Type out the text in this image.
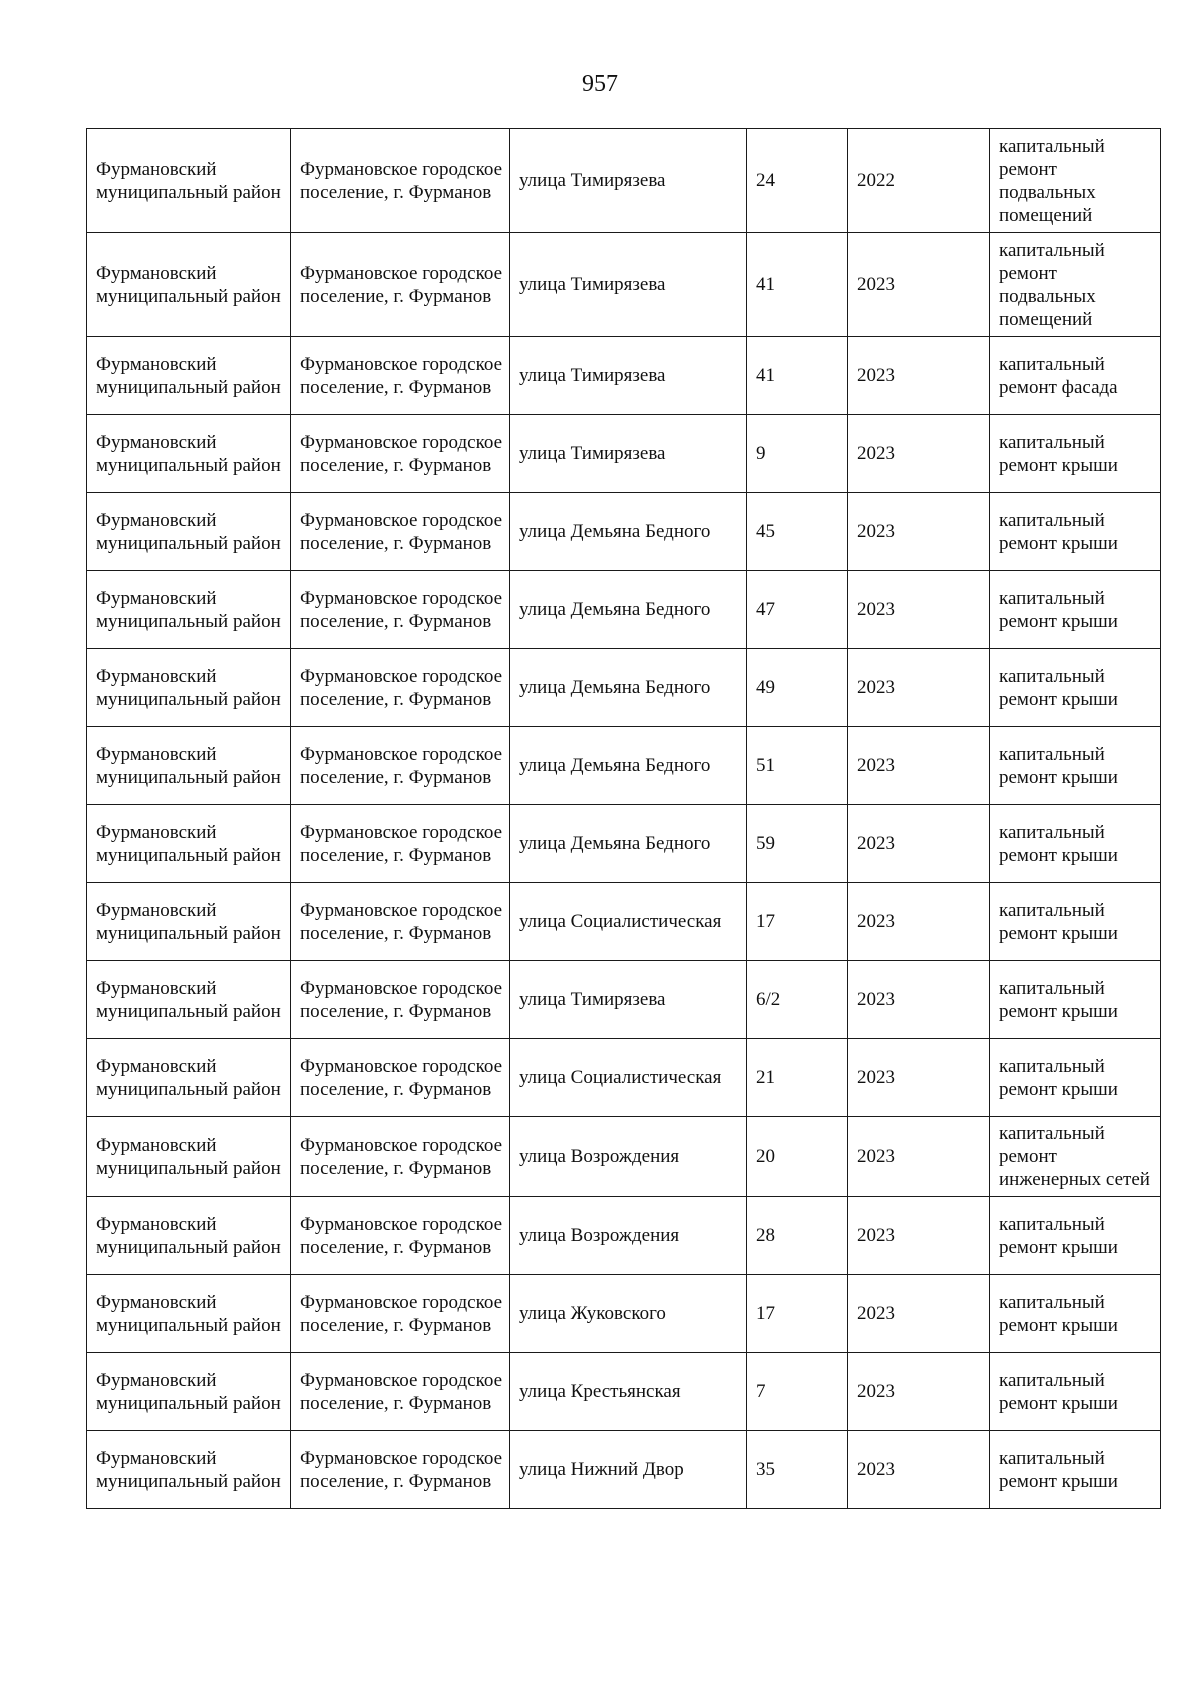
957
Фурмановский муниципальный район	Фурмановское городское поселение, г. Фурманов	улица Тимирязева	24	2022	капитальный ремонт подвальных помещений
Фурмановский муниципальный район	Фурмановское городское поселение, г. Фурманов	улица Тимирязева	41	2023	капитальный ремонт подвальных помещений
Фурмановский муниципальный район	Фурмановское городское поселение, г. Фурманов	улица Тимирязева	41	2023	капитальный ремонт фасада
Фурмановский муниципальный район	Фурмановское городское поселение, г. Фурманов	улица Тимирязева	9	2023	капитальный ремонт крыши
Фурмановский муниципальный район	Фурмановское городское поселение, г. Фурманов	улица Демьяна Бедного	45	2023	капитальный ремонт крыши
Фурмановский муниципальный район	Фурмановское городское поселение, г. Фурманов	улица Демьяна Бедного	47	2023	капитальный ремонт крыши
Фурмановский муниципальный район	Фурмановское городское поселение, г. Фурманов	улица Демьяна Бедного	49	2023	капитальный ремонт крыши
Фурмановский муниципальный район	Фурмановское городское поселение, г. Фурманов	улица Демьяна Бедного	51	2023	капитальный ремонт крыши
Фурмановский муниципальный район	Фурмановское городское поселение, г. Фурманов	улица Демьяна Бедного	59	2023	капитальный ремонт крыши
Фурмановский муниципальный район	Фурмановское городское поселение, г. Фурманов	улица Социалистическая	17	2023	капитальный ремонт крыши
Фурмановский муниципальный район	Фурмановское городское поселение, г. Фурманов	улица Тимирязева	6/2	2023	капитальный ремонт крыши
Фурмановский муниципальный район	Фурмановское городское поселение, г. Фурманов	улица Социалистическая	21	2023	капитальный ремонт крыши
Фурмановский муниципальный район	Фурмановское городское поселение, г. Фурманов	улица Возрождения	20	2023	капитальный ремонт инженерных сетей
Фурмановский муниципальный район	Фурмановское городское поселение, г. Фурманов	улица Возрождения	28	2023	капитальный ремонт крыши
Фурмановский муниципальный район	Фурмановское городское поселение, г. Фурманов	улица Жуковского	17	2023	капитальный ремонт крыши
Фурмановский муниципальный район	Фурмановское городское поселение, г. Фурманов	улица Крестьянская	7	2023	капитальный ремонт крыши
Фурмановский муниципальный район	Фурмановское городское поселение, г. Фурманов	улица Нижний Двор	35	2023	капитальный ремонт крыши
